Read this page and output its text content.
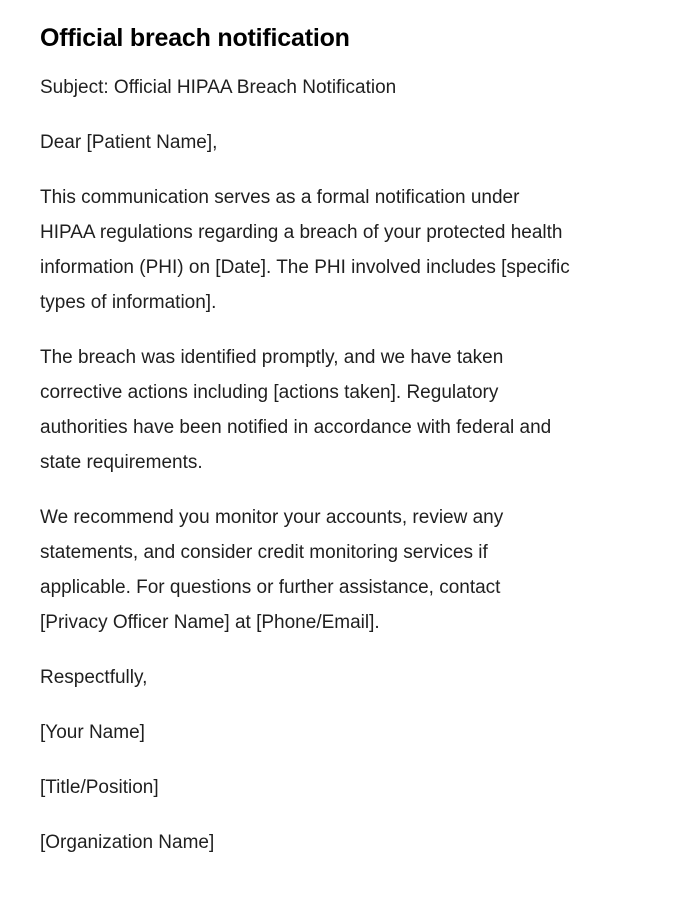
Official breach notification

Subject: Official HIPAA Breach Notification

Dear [Patient Name],

This communication serves as a formal notification under
HIPAA regulations regarding a breach of your protected health
information (PHI) on [Date]. The PHI involved includes [specific
types of information].
The breach was identified promptly, and we have taken
corrective actions including [actions taken]. Regulatory
authorities have been notified in accordance with federal and
state requirements.
We recommend you monitor your accounts, review any
statements, and consider credit monitoring services if
applicable. For questions or further assistance, contact
[Privacy Officer Name] at [Phone/Email].

Respectfully,

[Your Name]

[Title/Position]

[Organization Name]
